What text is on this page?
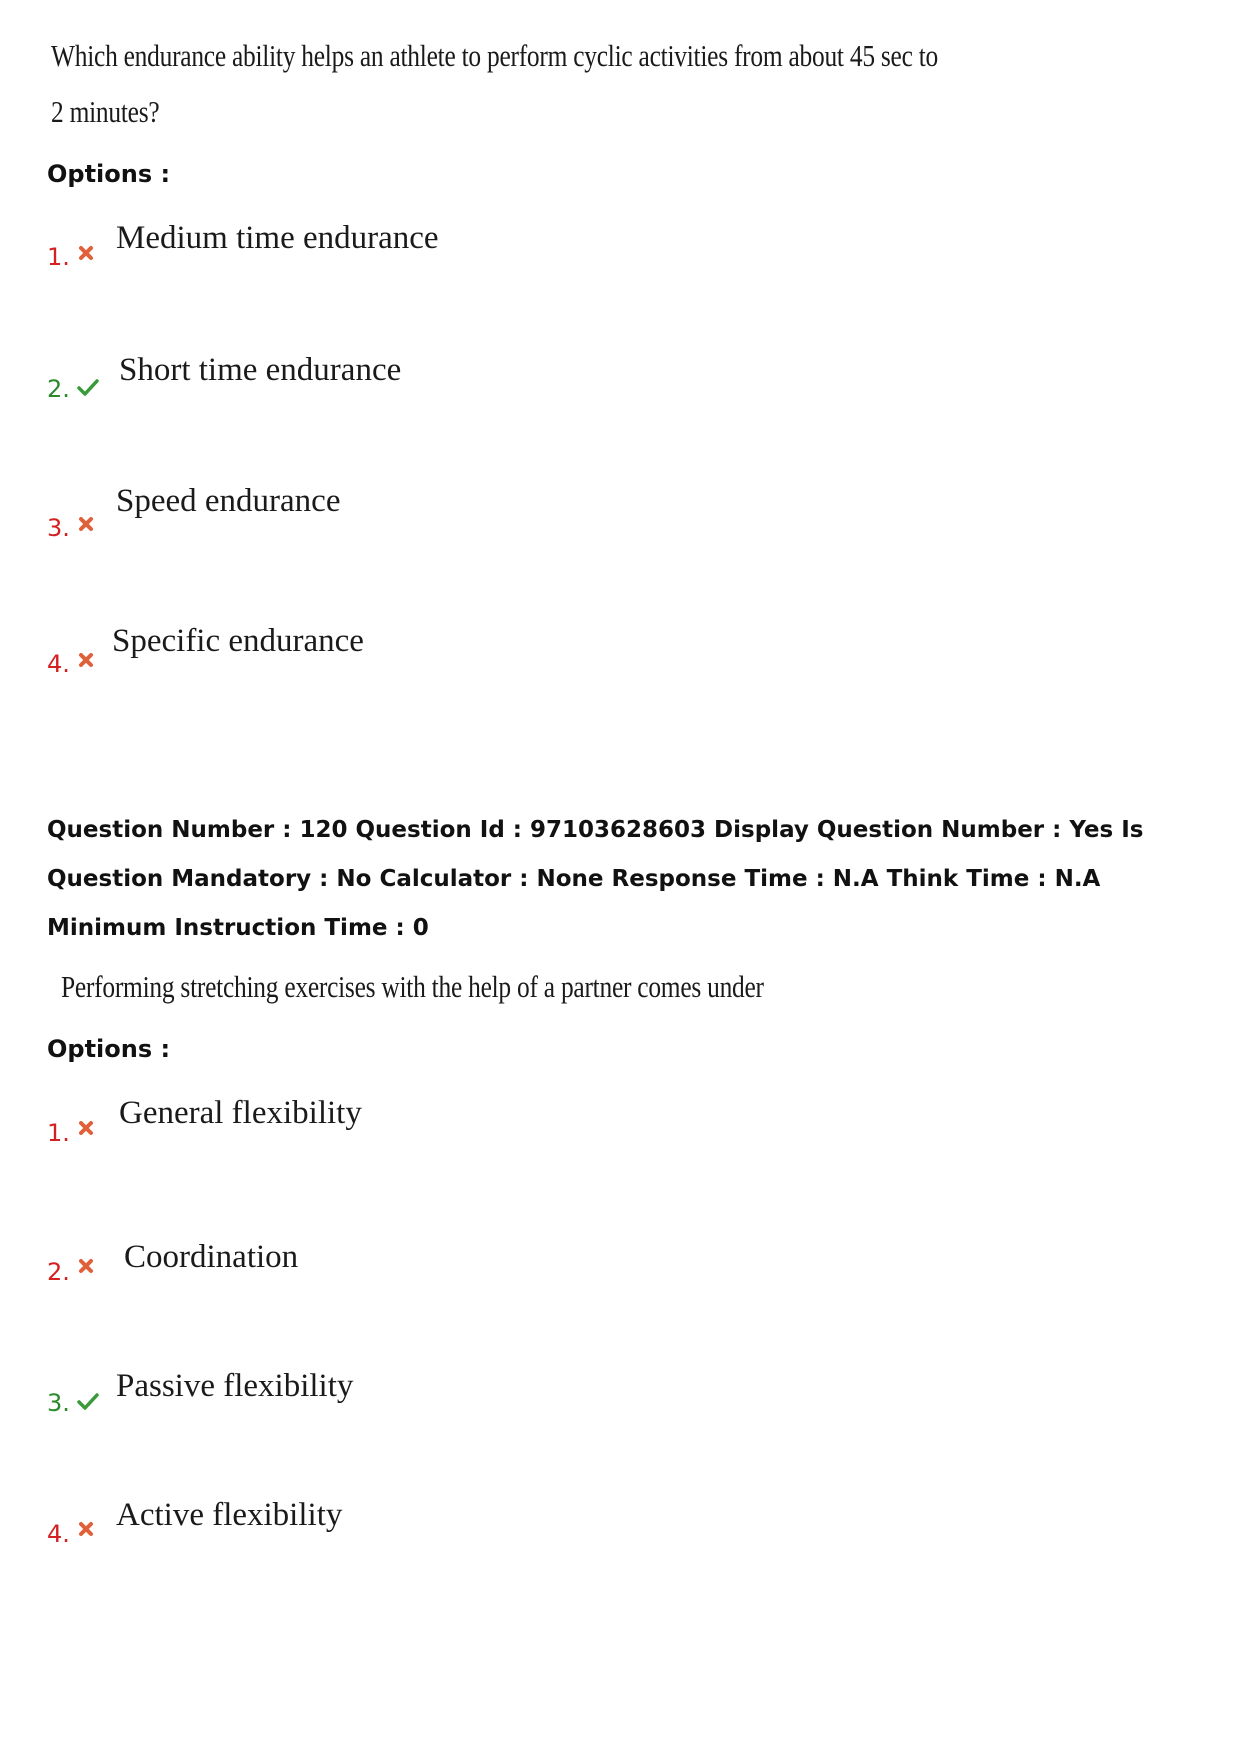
Which endurance ability helps an athlete to perform cyclic activities from about 45 sec to
2 minutes?
Options :
1.
Medium time endurance
2.
Short time endurance
3.
Speed endurance
4.
Specific endurance

Question Number : 120 Question Id : 97103628603 Display Question Number : Yes Is Question Mandatory : No Calculator : None Response Time : N.A Think Time : N.A Minimum Instruction Time : 0

Performing stretching exercises with the help of a partner comes under
Options :
1.
General flexibility
2. Coordination
3. Passive flexibility
4.
Active flexibility
